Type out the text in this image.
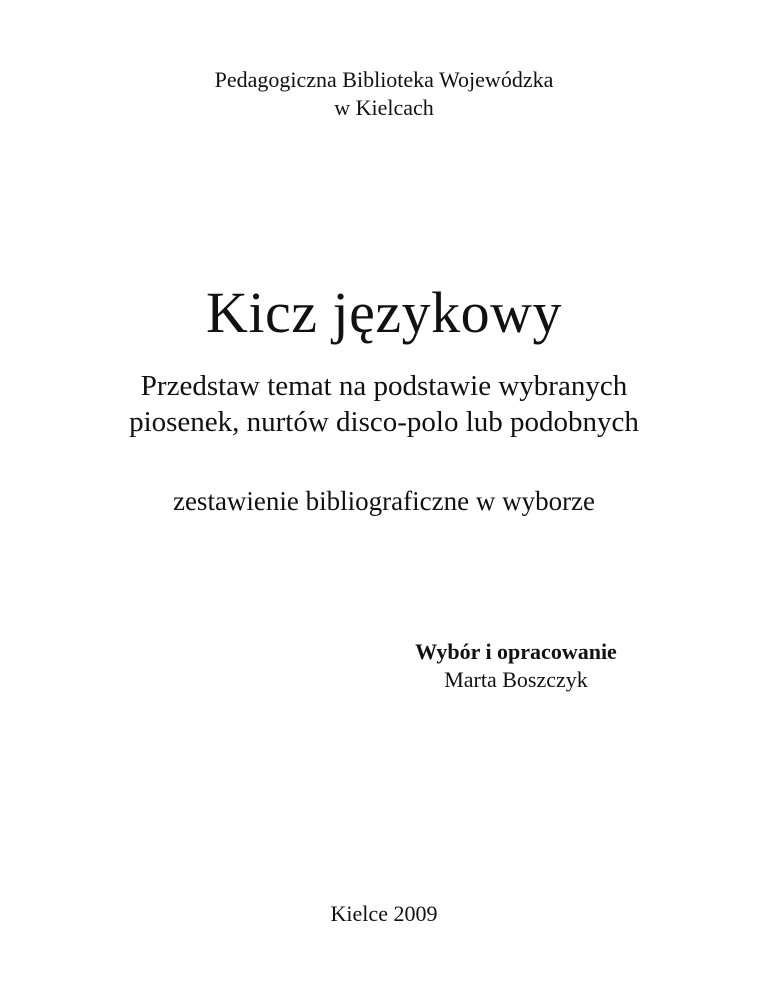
Pedagogiczna Biblioteka Wojewódzka
w Kielcach
Kicz językowy
Przedstaw temat na podstawie wybranych
piosenek, nurtów disco-polo lub podobnych
zestawienie bibliograficzne w wyborze
Wybór i opracowanie
Marta Boszczyk
Kielce 2009
